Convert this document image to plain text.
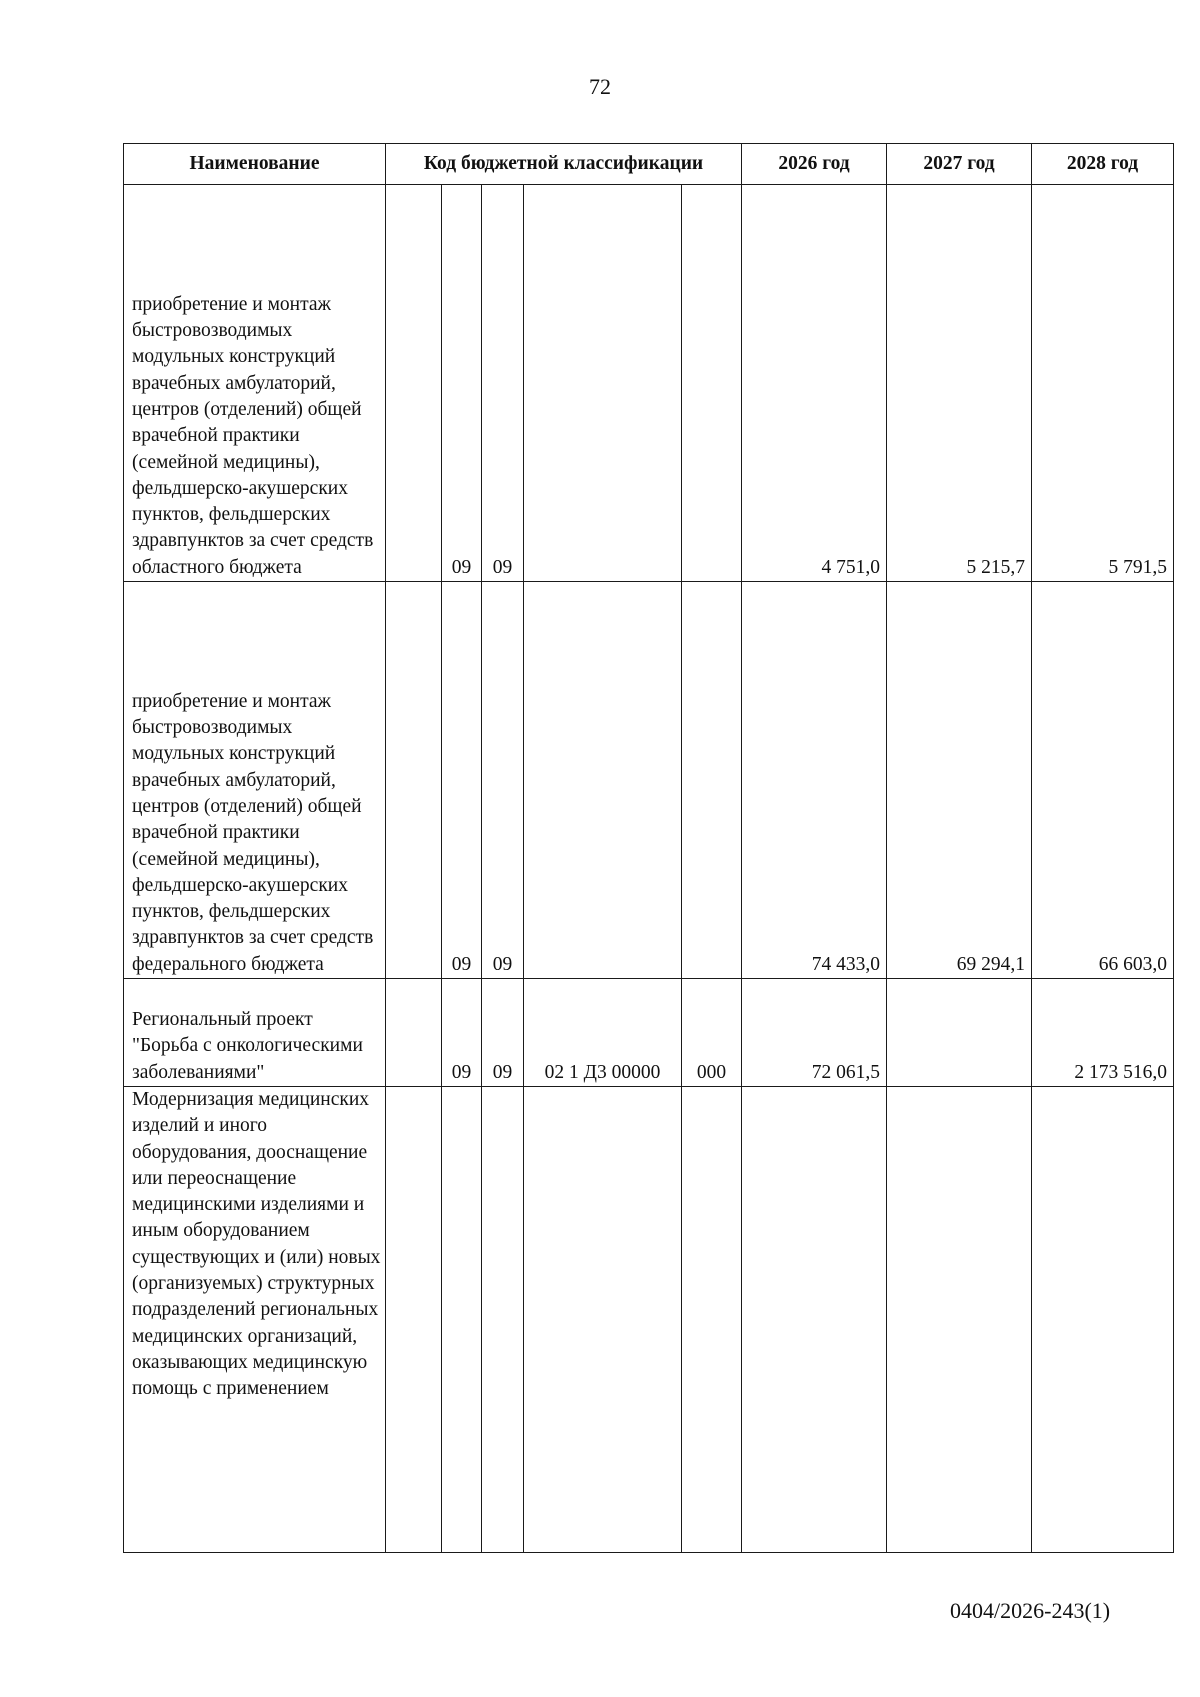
72
Наименование	Код бюджетной классификации					2026 год	2027 год	2028 год
приобретение и монтаж быстровозводимых модульных конструкций врачебных амбулаторий, центров (отделений) общей врачебной практики (семейной медицины), фельдшерско-акушерских пунктов, фельдшерских здравпунктов за счет средств областного бюджета		09	09			4 751,0	5 215,7	5 791,5
приобретение и монтаж быстровозводимых модульных конструкций врачебных амбулаторий, центров (отделений) общей врачебной практики (семейной медицины), фельдшерско-акушерских пунктов, фельдшерских здравпунктов за счет средств федерального бюджета		09	09			74 433,0	69 294,1	66 603,0
Региональный проект "Борьба с онкологическими заболеваниями"		09	09	02 1 Д3 00000	000	72 061,5		2 173 516,0
Модернизация медицинских изделий и иного оборудования, дооснащение или переоснащение медицинскими изделиями и иным оборудованием существующих и (или) новых (организуемых) структурных подразделений региональных медицинских организаций, оказывающих медицинскую помощь с применением								
0404/2026-243(1)
